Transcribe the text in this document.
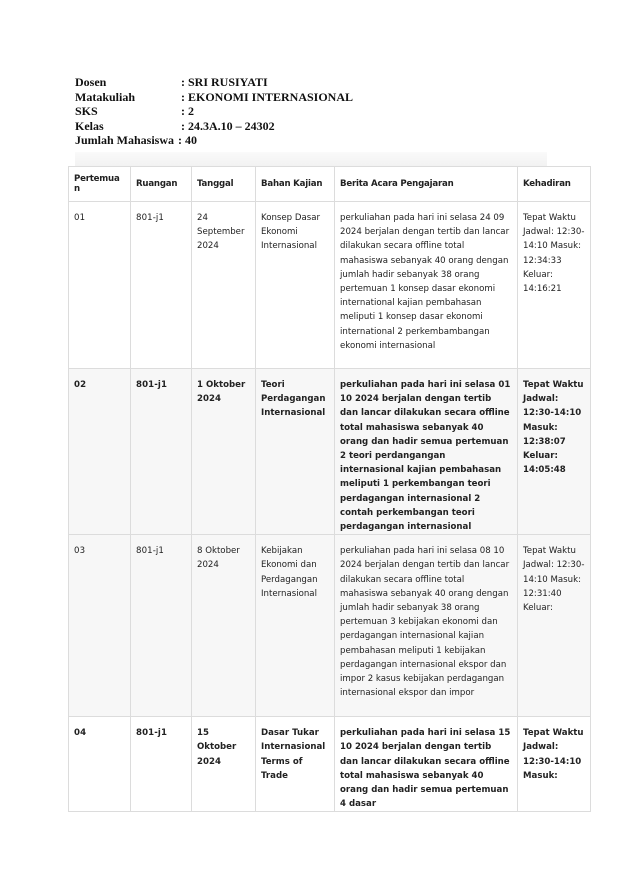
Dosen	: SRI RUSIYATI
Matakuliah	: EKONOMI INTERNASIONAL
SKS	: 2
Kelas	: 24.3A.10 – 24302
Jumlah Mahasiswa : 40
Pertemuan	Ruangan	Tanggal	Bahan Kajian	Berita Acara Pengajaran	Kehadiran
01	801-j1	24 September 2024	Konsep Dasar Ekonomi Internasional	perkuliahan pada hari ini selasa 24 09 2024 berjalan dengan tertib dan lancar dilakukan secara offline total mahasiswa sebanyak 40 orang dengan jumlah hadir sebanyak 38 orang pertemuan 1 konsep dasar ekonomi international kajian pembahasan meliputi 1 konsep dasar ekonomi international 2 perkembambangan ekonomi internasional	Tepat Waktu Jadwal: 12:30-14:10 Masuk: 12:34:33 Keluar: 14:16:21
02	801-j1	1 Oktober 2024	Teori Perdagangan Internasional	perkuliahan pada hari ini selasa 01 10 2024 berjalan dengan tertib dan lancar dilakukan secara offline total mahasiswa sebanyak 40 orang dan hadir semua pertemuan 2 teori perdangangan internasional kajian pembahasan meliputi 1 perkembangan teori perdagangan internasional 2 contah perkembangan teori perdagangan internasional	Tepat Waktu Jadwal: 12:30-14:10 Masuk: 12:38:07 Keluar: 14:05:48
03	801-j1	8 Oktober 2024	Kebijakan Ekonomi dan Perdagangan Internasional	perkuliahan pada hari ini selasa 08 10 2024 berjalan dengan tertib dan lancar dilakukan secara offline total mahasiswa sebanyak 40 orang dengan jumlah hadir sebanyak 38 orang pertemuan 3 kebijakan ekonomi dan perdagangan internasional kajian pembahasan meliputi 1 kebijakan perdagangan internasional ekspor dan impor 2 kasus kebijakan perdagangan internasional ekspor dan impor	Tepat Waktu Jadwal: 12:30-14:10 Masuk: 12:31:40 Keluar:
04	801-j1	15 Oktober 2024	Dasar Tukar Internasional Terms of Trade	perkuliahan pada hari ini selasa 15 10 2024 berjalan dengan tertib dan lancar dilakukan secara offline total mahasiswa sebanyak 40 orang dan hadir semua pertemuan 4 dasar	Tepat Waktu Jadwal: 12:30-14:10 Masuk:
